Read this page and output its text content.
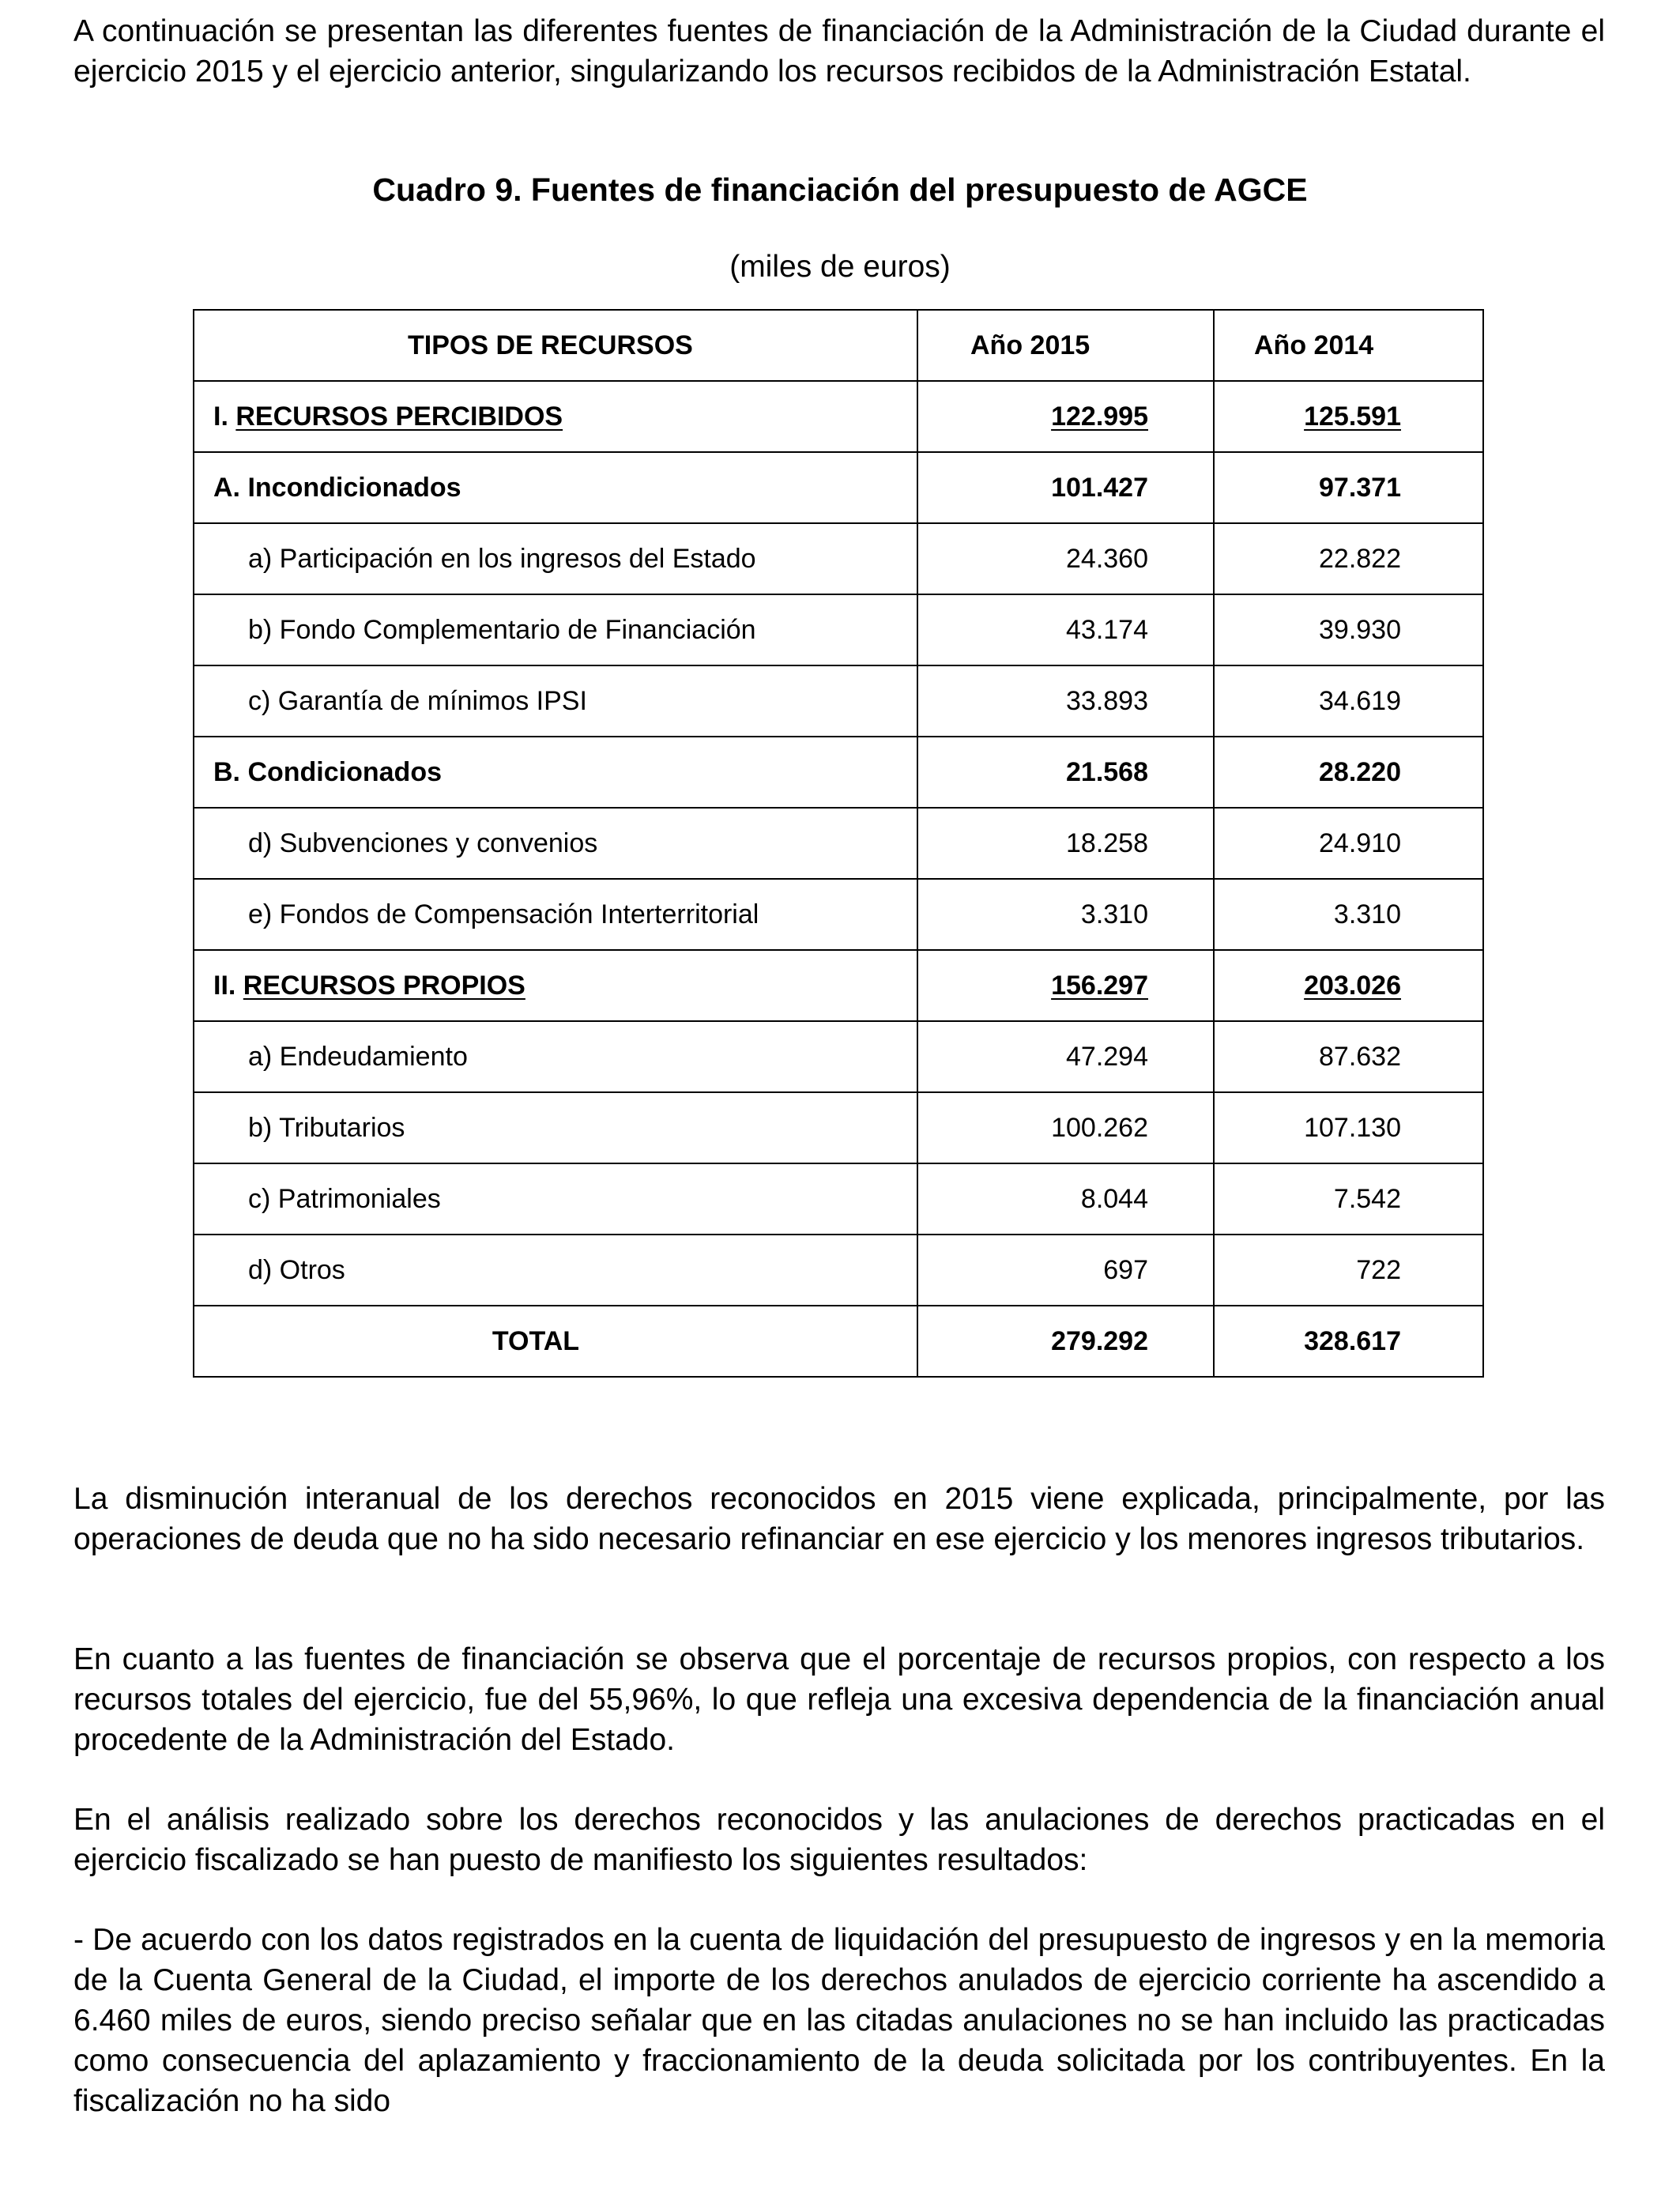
A continuación se presentan las diferentes fuentes de financiación de la Administración de la Ciudad durante el ejercicio 2015 y el ejercicio anterior, singularizando los recursos recibidos de la Administración Estatal.

Cuadro 9. Fuentes de financiación del presupuesto de AGCE

(miles de euros)

TIPOS DE RECURSOS	Año 2015	Año 2014
I. RECURSOS PERCIBIDOS	122.995	125.591
A. Incondicionados	101.427	97.371
a) Participación en los ingresos del Estado	24.360	22.822
b) Fondo Complementario de Financiación	43.174	39.930
c) Garantía de mínimos IPSI	33.893	34.619
B. Condicionados	21.568	28.220
d) Subvenciones y convenios	18.258	24.910
e) Fondos de Compensación Interterritorial	3.310	3.310
II. RECURSOS PROPIOS	156.297	203.026
a) Endeudamiento	47.294	87.632
b) Tributarios	100.262	107.130
c) Patrimoniales	8.044	7.542
d) Otros	697	722
TOTAL	279.292	328.617

La disminución interanual de los derechos reconocidos en 2015 viene explicada, principalmente, por las operaciones de deuda que no ha sido necesario refinanciar en ese ejercicio y los menores ingresos tributarios.

En cuanto a las fuentes de financiación se observa que el porcentaje de recursos propios, con respecto a los recursos totales del ejercicio, fue del 55,96%, lo que refleja una excesiva dependencia de la financiación anual procedente de la Administración del Estado.

En el análisis realizado sobre los derechos reconocidos y las anulaciones de derechos practicadas en el ejercicio fiscalizado se han puesto de manifiesto los siguientes resultados:

- De acuerdo con los datos registrados en la cuenta de liquidación del presupuesto de ingresos y en la memoria de la Cuenta General de la Ciudad, el importe de los derechos anulados de ejercicio corriente ha ascendido a 6.460 miles de euros, siendo preciso señalar que en las citadas anulaciones no se han incluido las practicadas como consecuencia del aplazamiento y fraccionamiento de la deuda solicitada por los contribuyentes. En la fiscalización no ha sido
